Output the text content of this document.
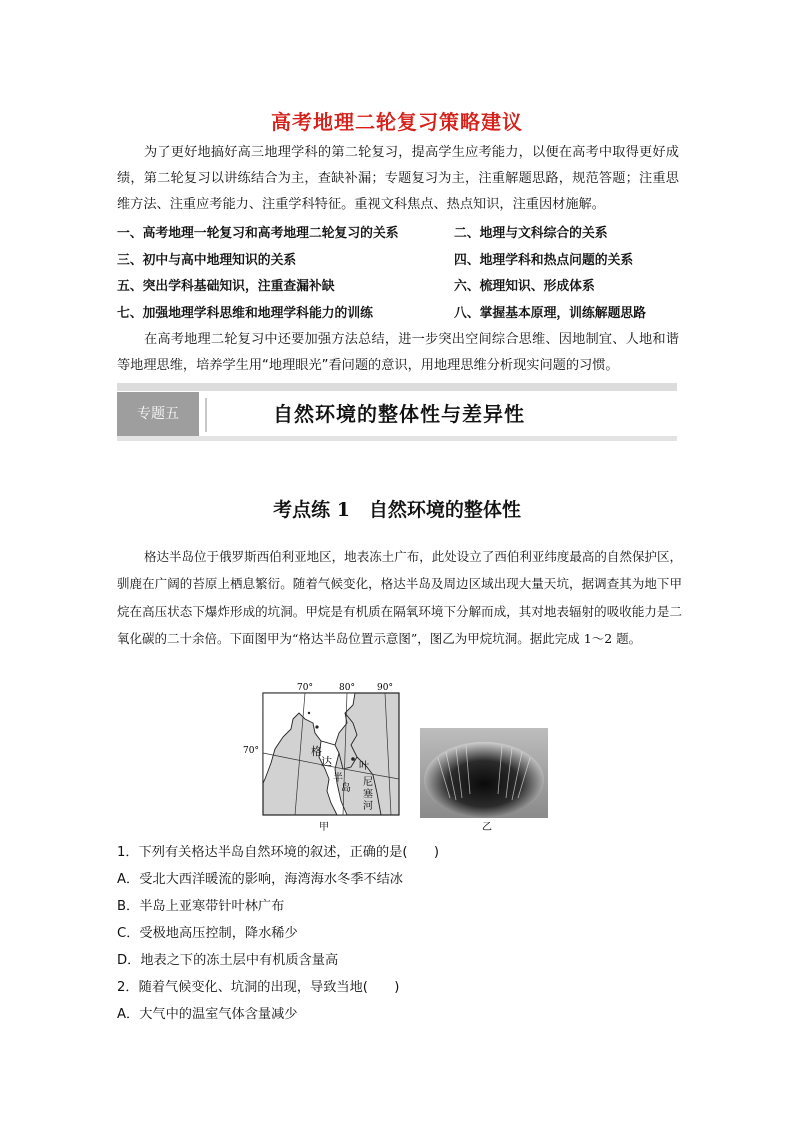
高考地理二轮复习策略建议
为了更好地搞好高三地理学科的第二轮复习，提高学生应考能力，以便在高考中取得更好成绩，第二轮复习以讲练结合为主，查缺补漏；专题复习为主，注重解题思路，规范答题；注重思维方法、注重应考能力、注重学科特征。重视文科焦点、热点知识，注重因材施解。
一、高考地理一轮复习和高考地理二轮复习的关系	二、地理与文科综合的关系
三、初中与高中地理知识的关系	四、地理学科和热点问题的关系
五、突出学科基础知识，注重查漏补缺	六、梳理知识、形成体系
七、加强地理学科思维和地理学科能力的训练	八、掌握基本原理，训练解题思路
在高考地理二轮复习中还要加强方法总结，进一步突出空间综合思维、因地制宜、人地和谐等地理思维，培养学生用“地理眼光”看问题的意识，用地理思维分析现实问题的习惯。
专题五	自然环境的整体性与差异性
考点练 1　自然环境的整体性
格达半岛位于俄罗斯西伯利亚地区，地表冻土广布，此处设立了西伯利亚纬度最高的自然保护区，驯鹿在广阔的苔原上栖息繁衍。随着气候变化，格达半岛及周边区域出现大量天坑，据调查其为地下甲烷在高压状态下爆炸形成的坑洞。甲烷是有机质在隔氧环境下分解而成，其对地表辐射的吸收能力是二氧化碳的二十余倍。下面图甲为“格达半岛位置示意图”，图乙为甲烷坑洞。据此完成 1～2 题。
70°	80° 90°
70°	格
达
半
岛
叶
尼
塞
河
甲	乙
1．下列有关格达半岛自然环境的叙述，正确的是(　　)
A．受北大西洋暖流的影响，海湾海水冬季不结冰
B．半岛上亚寒带针叶林广布
C．受极地高压控制，降水稀少
D．地表之下的冻土层中有机质含量高
2．随着气候变化、坑洞的出现，导致当地(　　)
A．大气中的温室气体含量减少
